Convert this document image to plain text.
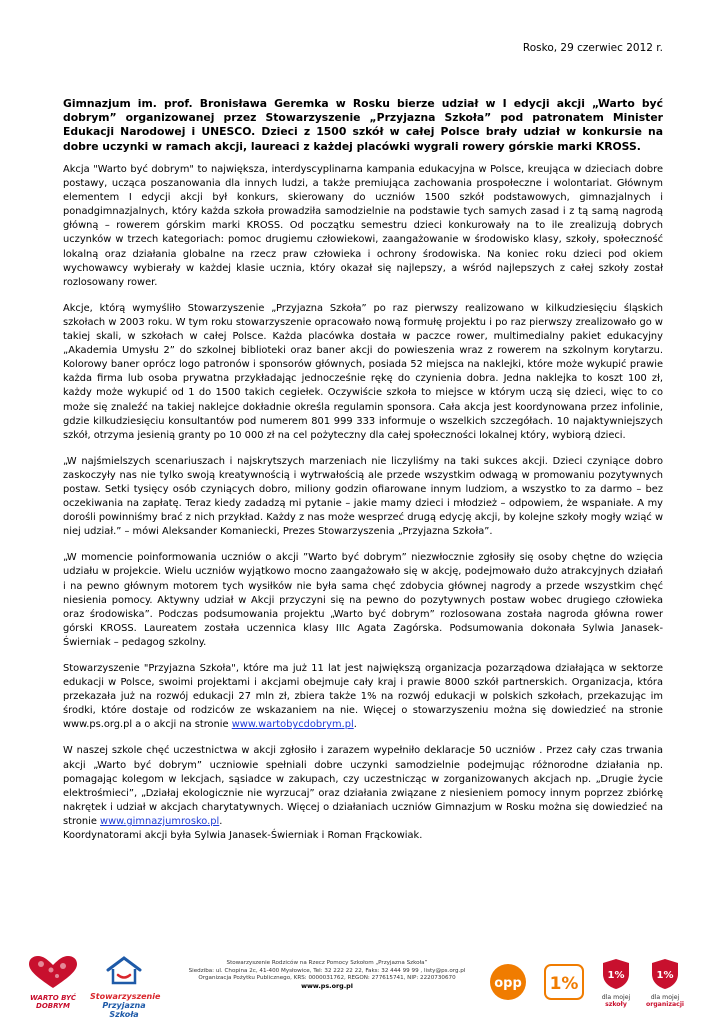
Rosko, 29 czerwiec 2012 r.

Gimnazjum im. prof. Bronisława Geremka w Rosku bierze udział w I edycji akcji „Warto być dobrym” organizowanej przez Stowarzyszenie „Przyjazna Szkoła” pod patronatem Minister Edukacji Narodowej i UNESCO. Dzieci z 1500 szkół w całej Polsce brały udział w konkursie na dobre uczynki w ramach akcji, laureaci z każdej placówki wygrali rowery górskie marki KROSS.

Akcja "Warto być dobrym" to największa, interdyscyplinarna kampania edukacyjna w Polsce, kreująca w dzieciach dobre postawy, ucząca poszanowania dla innych ludzi, a także premiująca zachowania prospołeczne i wolontariat. Głównym elementem I edycji akcji był konkurs, skierowany do uczniów 1500 szkół podstawowych, gimnazjalnych i ponadgimnazjalnych, który każda szkoła prowadziła samodzielnie na podstawie tych samych zasad i z tą samą nagrodą główną – rowerem górskim marki KROSS. Od początku semestru dzieci konkurowały na to ile zrealizują dobrych uczynków w trzech kategoriach: pomoc drugiemu człowiekowi, zaangażowanie w środowisko klasy, szkoły, społeczność lokalną oraz działania globalne na rzecz praw człowieka i ochrony środowiska. Na koniec roku dzieci pod okiem wychowawcy wybierały w każdej klasie ucznia, który okazał się najlepszy, a wśród najlepszych z całej szkoły został rozlosowany rower.

Akcje, którą wymyśliło Stowarzyszenie „Przyjazna Szkoła” po raz pierwszy realizowano w kilkudziesięciu śląskich szkołach w 2003 roku. W tym roku stowarzyszenie opracowało nową formułę projektu i po raz pierwszy zrealizowało go w takiej skali, w szkołach w całej Polsce. Każda placówka dostała w paczce rower, multimedialny pakiet edukacyjny „Akademia Umysłu 2” do szkolnej biblioteki oraz baner akcji do powieszenia wraz z rowerem na szkolnym korytarzu. Kolorowy baner oprócz logo patronów i sponsorów głównych, posiada 52 miejsca na naklejki, które może wykupić prawie każda firma lub osoba prywatna przykładając jednocześnie rękę do czynienia dobra. Jedna naklejka to koszt 100 zł, każdy może wykupić od 1 do 1500 takich cegiełek. Oczywiście szkoła to miejsce w którym uczą się dzieci, więc to co może się znaleźć na takiej naklejce dokładnie określa regulamin sponsora. Cała akcja jest koordynowana przez infolinie, gdzie kilkudziesięciu konsultantów pod numerem 801 999 333 informuje o wszelkich szczegółach. 10 najaktywniejszych szkół, otrzyma jesienią granty po 10 000 zł na cel pożyteczny dla całej społeczności lokalnej który, wybiorą dzieci.

„W najśmielszych scenariuszach i najskrytszych marzeniach nie liczyliśmy na taki sukces akcji. Dzieci czyniące dobro zaskoczyły nas nie tylko swoją kreatywnością i wytrwałością ale przede wszystkim odwagą w promowaniu pozytywnych postaw. Setki tysięcy osób czyniących dobro, miliony godzin ofiarowane innym ludziom, a wszystko to za darmo – bez oczekiwania na zapłatę. Teraz kiedy zadadzą mi pytanie – jakie mamy dzieci i młodzież – odpowiem, że wspaniałe. A my dorośli powinniśmy brać z nich przykład. Każdy z nas może wesprzeć drugą edycję akcji, by kolejne szkoły mogły wziąć w niej udział.” – mówi Aleksander Komaniecki, Prezes Stowarzyszenia „Przyjazna Szkoła”.

„W momencie poinformowania uczniów o akcji ”Warto być dobrym” niezwłocznie zgłosiły się osoby chętne do wzięcia udziału w projekcie. Wielu uczniów wyjątkowo mocno zaangażowało się w akcję, podejmowało dużo atrakcyjnych działań i na pewno głównym motorem tych wysiłków nie była sama chęć zdobycia głównej nagrody a przede wszystkim chęć niesienia pomocy. Aktywny udział w Akcji przyczyni się na pewno do pozytywnych postaw wobec drugiego człowieka oraz środowiska”. Podczas podsumowania projektu „Warto być dobrym” rozlosowana została nagroda główna rower górski KROSS. Laureatem została uczennica klasy IIIc Agata Zagórska. Podsumowania dokonała Sylwia Janasek- Świerniak – pedagog szkolny.

Stowarzyszenie "Przyjazna Szkoła", które ma już 11 lat jest największą organizacja pozarządowa działająca w sektorze edukacji w Polsce, swoimi projektami i akcjami obejmuje cały kraj i prawie 8000 szkół partnerskich. Organizacja, która przekazała już na rozwój edukacji 27 mln zł, zbiera także 1% na rozwój edukacji w polskich szkołach, przekazując im środki, które dostaje od rodziców ze wskazaniem na nie. Więcej o stowarzyszeniu można się dowiedzieć na stronie www.ps.org.pl a o akcji na stronie www.wartobycdobrym.pl.

W naszej szkole chęć uczestnictwa w akcji zgłosiło i zarazem wypełniło deklaracje 50 uczniów . Przez cały czas trwania akcji „Warto być dobrym” uczniowie spełniali dobre uczynki samodzielnie podejmując różnorodne działania np. pomagając kolegom w lekcjach, sąsiadce w zakupach, czy uczestnicząc w zorganizowanych akcjach np. „Drugie życie elektrośmieci”, „Działaj ekologicznie nie wyrzucaj” oraz działania związane z niesieniem pomocy innym poprzez zbiórkę nakrętek i udział w akcjach charytatywnych. Więcej o działaniach uczniów Gimnazjum w Rosku można się dowiedzieć na stronie www.gimnazjumrosko.pl.

Koordynatorami akcji była Sylwia Janasek-Świerniak i Roman Frąckowiak.

WARTO BYĆ
DOBRYM
Stowarzyszenie
Przyjazna Szkoła
Stowarzyszenie Rodziców na Rzecz Pomocy Szkołom „Przyjazna Szkoła”
Siedziba: ul. Chopina 2c, 41-400 Mysłowice, Tel: 32 222 22 22, Faks: 32 444 99 99 , listy@ps.org.pl
Organizacja Pożytku Publicznego, KRS: 0000031762, REGON: 277615741, NIP: 2220730670
www.ps.org.pl	opp 1%	1%
dla mojej
szkoły
1%
dla mojej
organizacji
